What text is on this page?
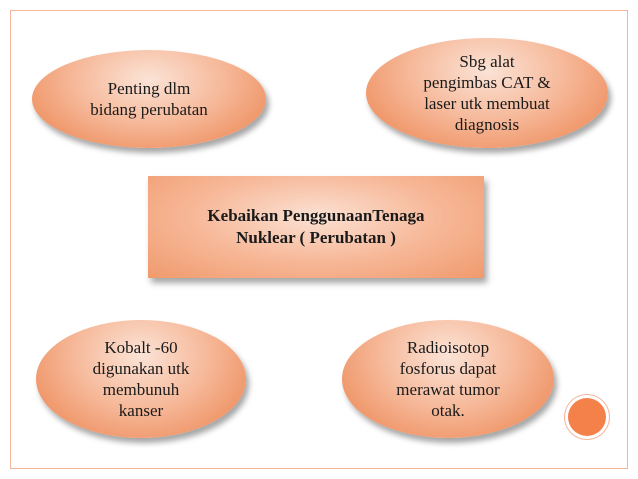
Penting dlm
bidang perubatan
Sbg alat
pengimbas CAT &
laser utk membuat
diagnosis
Kebaikan PenggunaanTenaga
Nuklear ( Perubatan )
Kobalt -60
digunakan utk
membunuh
kanser
Radioisotop
fosforus dapat
merawat tumor
otak.
